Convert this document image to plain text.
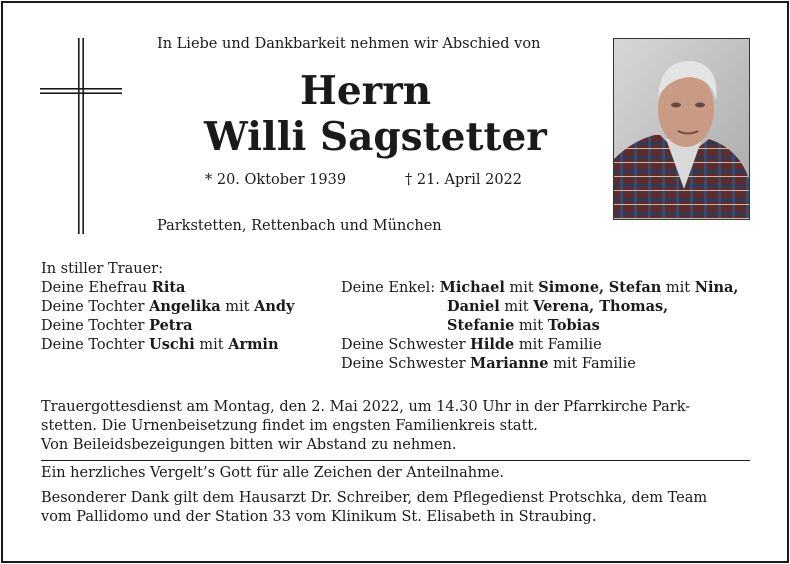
In Liebe und Dankbarkeit nehmen wir Abschied von
Herrn
Willi Sagstetter
* 20. Oktober 1939	† 21. April 2022
Parkstetten, Rettenbach und München
In stiller Trauer:
Deine Ehefrau Rita
Deine Tochter Angelika mit Andy
Deine Tochter Petra
Deine Tochter Uschi mit Armin
Deine Enkel: Michael mit Simone, Stefan mit Nina,
Daniel mit Verena, Thomas,
Stefanie mit Tobias
Deine Schwester Hilde mit Familie
Deine Schwester Marianne mit Familie
Trauergottesdienst am Montag, den 2. Mai 2022, um 14.30 Uhr in der Pfarrkirche Park-
stetten. Die Urnenbeisetzung findet im engsten Familienkreis statt.
Von Beileidsbezeigungen bitten wir Abstand zu nehmen.
Ein herzliches Vergelt’s Gott für alle Zeichen der Anteilnahme.
Besonderer Dank gilt dem Hausarzt Dr. Schreiber, dem Pflegedienst Protschka, dem Team
vom Pallidomo und der Station 33 vom Klinikum St. Elisabeth in Straubing.
